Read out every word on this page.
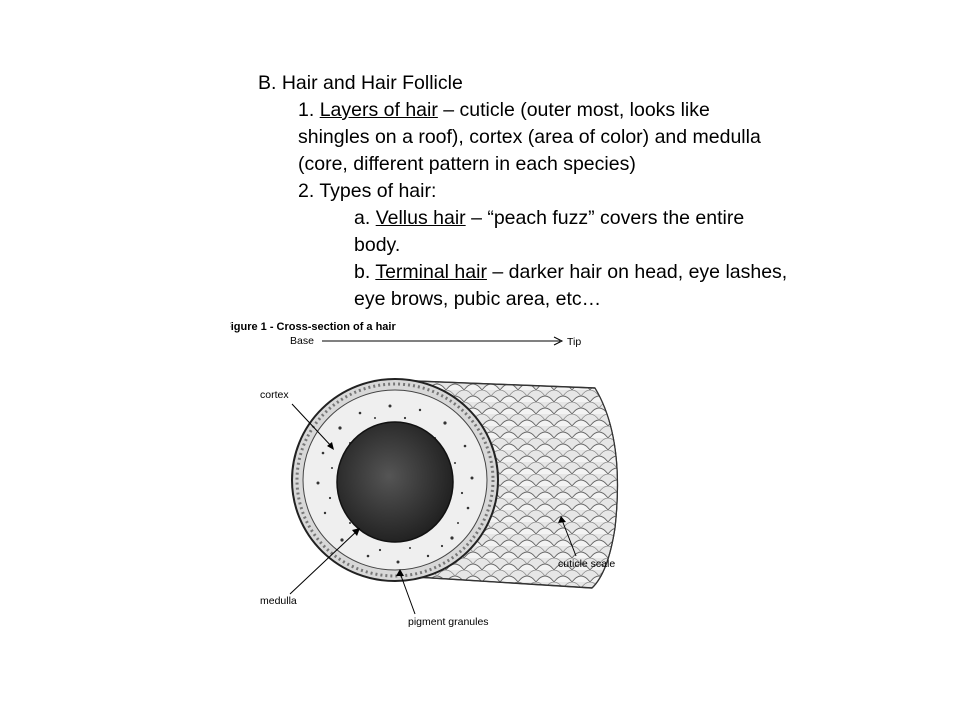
B. Hair and Hair Follicle
1. Layers of hair – cuticle (outer most, looks like
shingles on a roof), cortex (area of color) and medulla
(core, different pattern in each species)
2. Types of hair:
a. Vellus hair – “peach fuzz” covers the entire
body.
b. Terminal hair – darker hair on head, eye lashes,
eye brows, pubic area, etc…
Figure 1 - Cross-section of a hair
Base	Tip
cortex
medulla
pigment granules
cuticle scale
